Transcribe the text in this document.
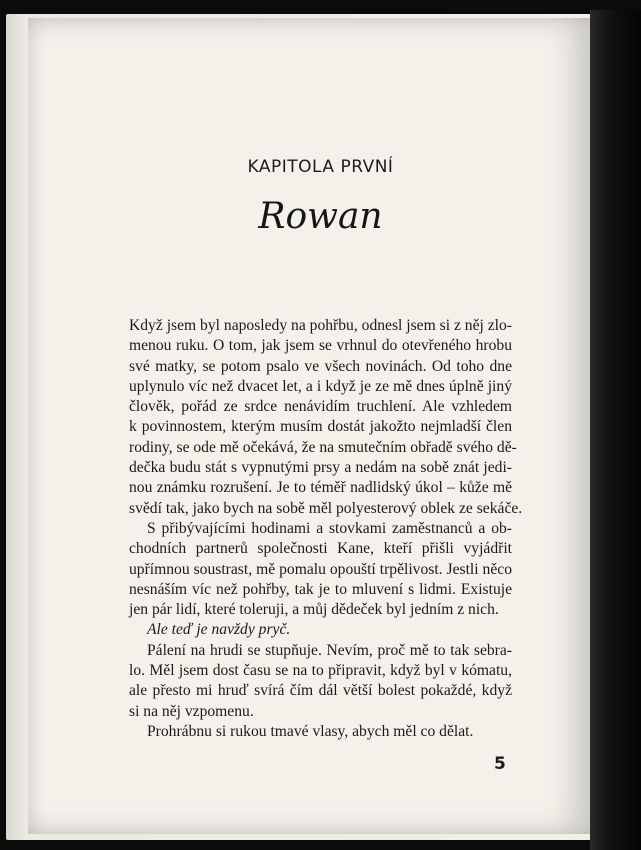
KAPITOLA PRVNÍ
Rowan

Když jsem byl naposledy na pohřbu, odnesl jsem si z něj zlo-
menou ruku. O tom, jak jsem se vrhnul do otevřeného hrobu
své matky, se potom psalo ve všech novinách. Od toho dne
uplynulo víc než dvacet let, a i když je ze mě dnes úplně jiný
člověk, pořád ze srdce nenávidím truchlení. Ale vzhledem
k povinnostem, kterým musím dostát jakožto nejmladší člen
rodiny, se ode mě očekává, že na smutečním obřadě svého dě-
dečka budu stát s vypnutými prsy a nedám na sobě znát jedi-
nou známku rozrušení. Je to téměř nadlidský úkol – kůže mě
svědí tak, jako bych na sobě měl polyesterový oblek ze sekáče.

S přibývajícími hodinami a stovkami zaměstnanců a ob-
chodních partnerů společnosti Kane, kteří přišli vyjádřit
upřímnou soustrast, mě pomalu opouští trpělivost. Jestli něco
nesnáším víc než pohřby, tak je to mluvení s lidmi. Existuje
jen pár lidí, které toleruji, a můj dědeček byl jedním z nich.

Ale teď je navždy pryč.

Pálení na hrudi se stupňuje. Nevím, proč mě to tak sebra-
lo. Měl jsem dost času se na to připravit, když byl v kómatu,
ale přesto mi hruď svírá čím dál větší bolest pokaždé, když
si na něj vzpomenu.

Prohrábnu si rukou tmavé vlasy, abych měl co dělat.

5
